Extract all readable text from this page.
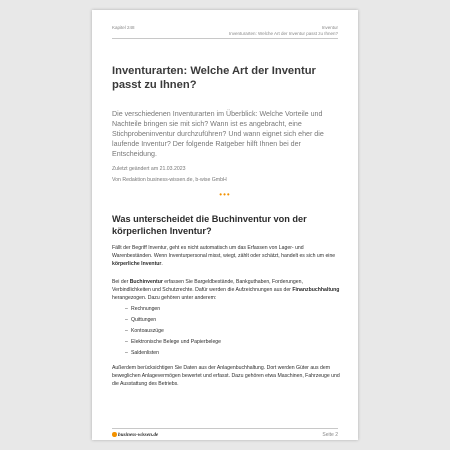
Kapitel 248	Inventur
Inventurarten: Welche Art der Inventur passt zu Ihnen?
Inventurarten: Welche Art der Inventur passt zu Ihnen?
Die verschiedenen Inventurarten im Überblick: Welche Vorteile und Nachteile bringen sie mit sich? Wann ist es angebracht, eine Stichprobeninventur durchzuführen? Und wann eignet sich eher die laufende Inventur? Der folgende Ratgeber hilft Ihnen bei der Entscheidung.
Zuletzt geändert am 21.03.2023
Von Redaktion business-wissen.de, b-wise GmbH
•••
Was unterscheidet die Buchinventur von der körperlichen Inventur?
Fällt der Begriff Inventur, geht es nicht automatisch um das Erfassen von Lager- und Warenbeständen. Wenn Inventurpersonal misst, wiegt, zählt oder schätzt, handelt es sich um eine körperliche Inventur.
Bei der Buchinventur erfassen Sie Bargeldbestände, Bankguthaben, Forderungen, Verbindlichkeiten und Schutzrechte. Dafür werden die Aufzeichnungen aus der Finanzbuchhaltung herangezogen. Dazu gehören unter anderem:
– Rechnungen
– Quittungen
– Kontoauszüge
– Elektronische Belege und Papierbelege
– Saldenlisten
Außerdem berücksichtigen Sie Daten aus der Anlagenbuchhaltung. Dort werden Güter aus dem beweglichen Anlagevermögen bewertet und erfasst. Dazu gehören etwa Maschinen, Fahrzeuge und die Ausstattung des Betriebs.
business-wissen.de	Seite 2
